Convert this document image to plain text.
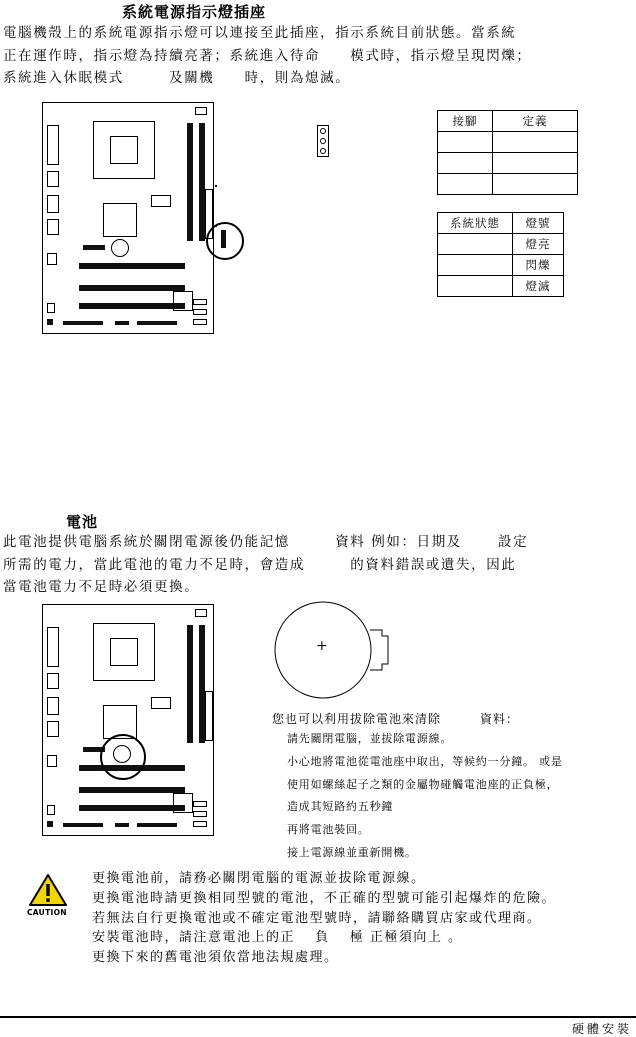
系統電源指示燈插座

電腦機殼上的系統電源指示燈可以連接至此插座，指示系統目前狀態。當系統

正在運作時，指示燈為持續亮著；系統進入待命　　模式時，指示燈呈現閃爍；

系統進入休眠模式　　　及關機　　時，則為熄滅。

接腳	定義

系統狀態	燈號
	燈亮
	閃爍
	燈滅
電池

此電池提供電腦系統於關閉電源後仍能記憶　　　資料 例如：日期及　　 設定

所需的電力，當此電池的電力不足時，會造成　　　的資料錯誤或遺失，因此

當電池電力不足時必須更換。

+
您也可以利用拔除電池來清除　　　資料：

請先關閉電腦，並拔除電源線。

小心地將電池從電池座中取出，等候約一分鐘。 或是

使用如螺絲起子之類的金屬物碰觸電池座的正負極，

造成其短路約五秒鐘

再將電池裝回。

接上電源線並重新開機。

CAUTION

更換電池前，請務必關閉電腦的電源並拔除電源線。

更換電池時請更換相同型號的電池，不正確的型號可能引起爆炸的危險。

若無法自行更換電池或不確定電池型號時，請聯絡購買店家或代理商。

安裝電池時，請注意電池上的正　 負　 極 正極須向上 。

更換下來的舊電池須依當地法規處理。

硬體安裝
